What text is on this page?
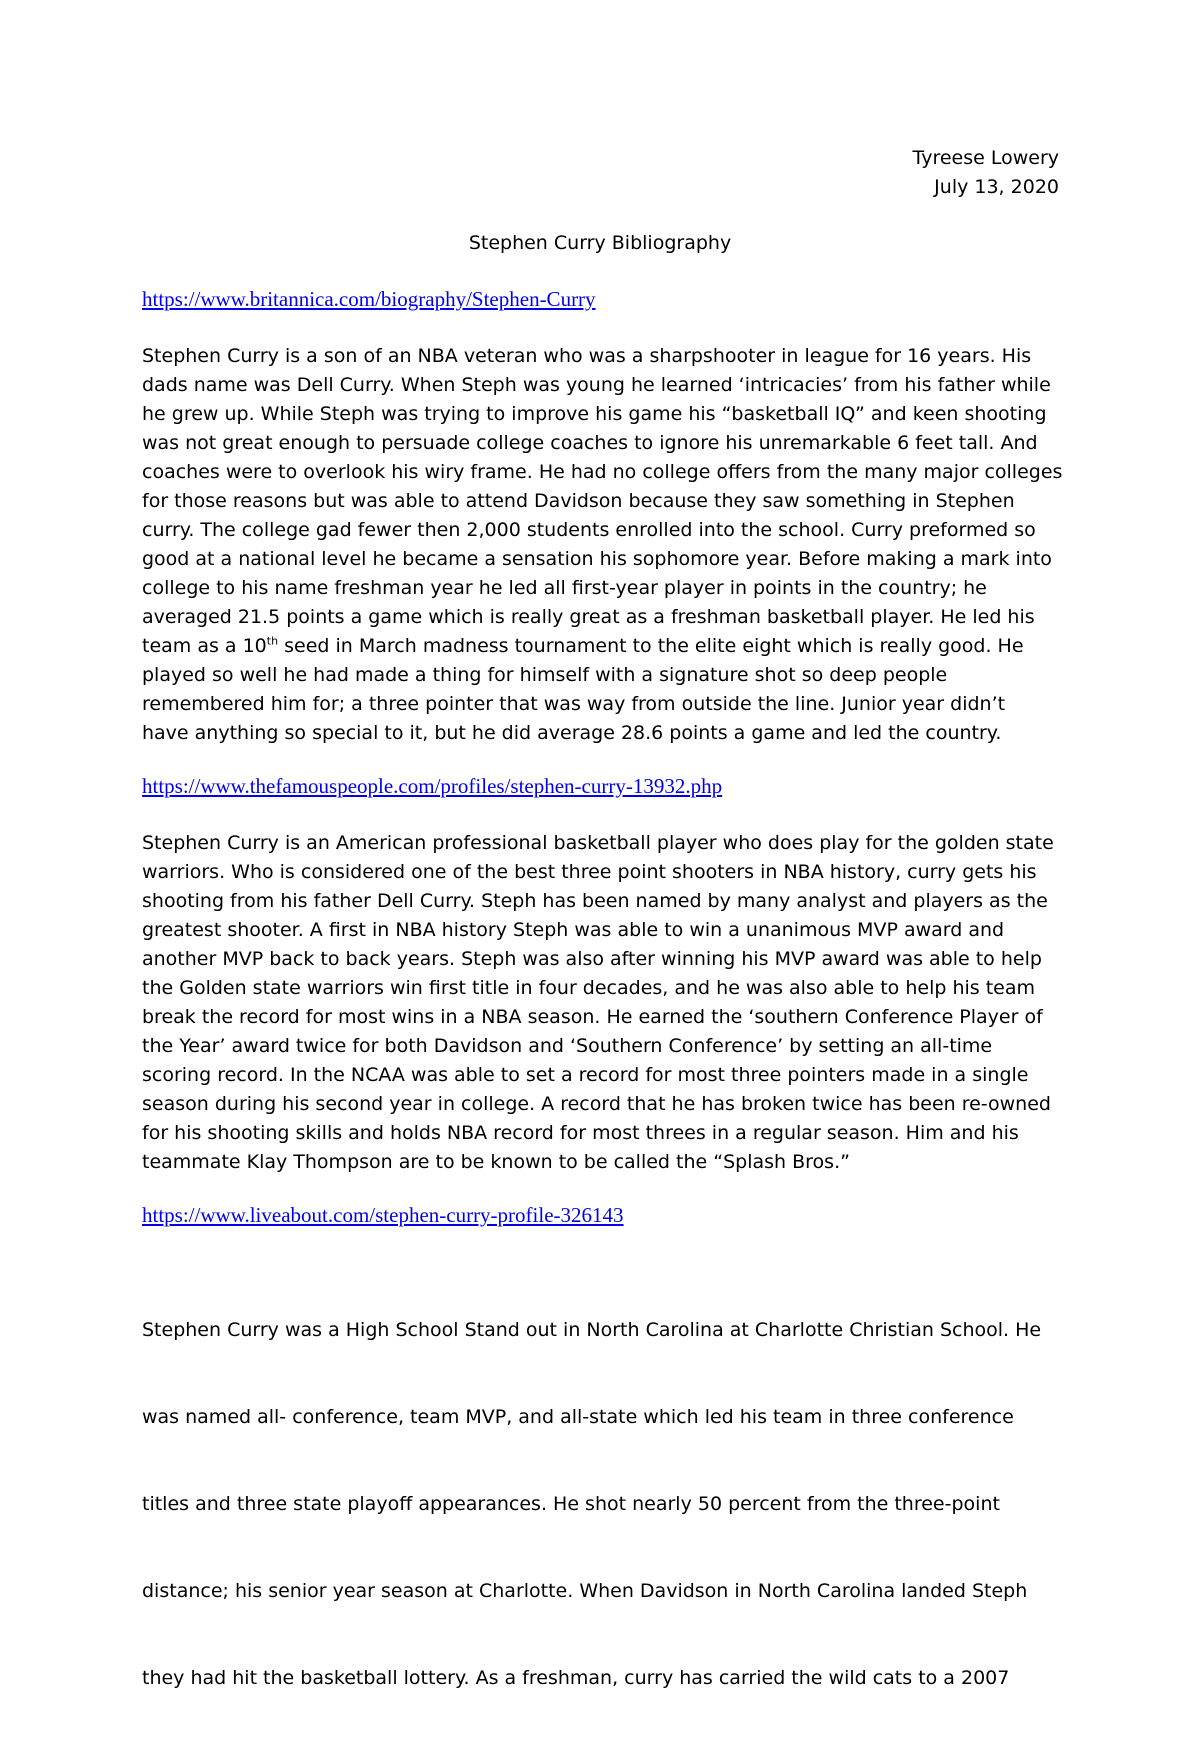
Tyreese Lowery
July 13, 2020
Stephen Curry Bibliography
https://www.britannica.com/biography/Stephen-Curry
Stephen Curry is a son of an NBA veteran who was a sharpshooter in league for 16 years. His
dads name was Dell Curry. When Steph was young he learned ‘intricacies’ from his father while
he grew up. While Steph was trying to improve his game his “basketball IQ” and keen shooting
was not great enough to persuade college coaches to ignore his unremarkable 6 feet tall. And
coaches were to overlook his wiry frame. He had no college offers from the many major colleges
for those reasons but was able to attend Davidson because they saw something in Stephen
curry. The college gad fewer then 2,000 students enrolled into the school. Curry preformed so
good at a national level he became a sensation his sophomore year. Before making a mark into
college to his name freshman year he led all first-year player in points in the country; he
averaged 21.5 points a game which is really great as a freshman basketball player. He led his
team as a 10th seed in March madness tournament to the elite eight which is really good. He
played so well he had made a thing for himself with a signature shot so deep people
remembered him for; a three pointer that was way from outside the line. Junior year didn’t
have anything so special to it, but he did average 28.6 points a game and led the country.
https://www.thefamouspeople.com/profiles/stephen-curry-13932.php
Stephen Curry is an American professional basketball player who does play for the golden state
warriors. Who is considered one of the best three point shooters in NBA history, curry gets his
shooting from his father Dell Curry. Steph has been named by many analyst and players as the
greatest shooter. A first in NBA history Steph was able to win a unanimous MVP award and
another MVP back to back years. Steph was also after winning his MVP award was able to help
the Golden state warriors win first title in four decades, and he was also able to help his team
break the record for most wins in a NBA season. He earned the ‘southern Conference Player of
the Year’ award twice for both Davidson and ‘Southern Conference’ by setting an all-time
scoring record. In the NCAA was able to set a record for most three pointers made in a single
season during his second year in college. A record that he has broken twice has been re-owned
for his shooting skills and holds NBA record for most threes in a regular season. Him and his
teammate Klay Thompson are to be known to be called the “Splash Bros.”
https://www.liveabout.com/stephen-curry-profile-326143

Stephen Curry was a High School Stand out in North Carolina at Charlotte Christian School. He

was named all- conference, team MVP, and all-state which led his team in three conference

titles and three state playoff appearances. He shot nearly 50 percent from the three-point

distance; his senior year season at Charlotte. When Davidson in North Carolina landed Steph

they had hit the basketball lottery. As a freshman, curry has carried the wild cats to a 2007
